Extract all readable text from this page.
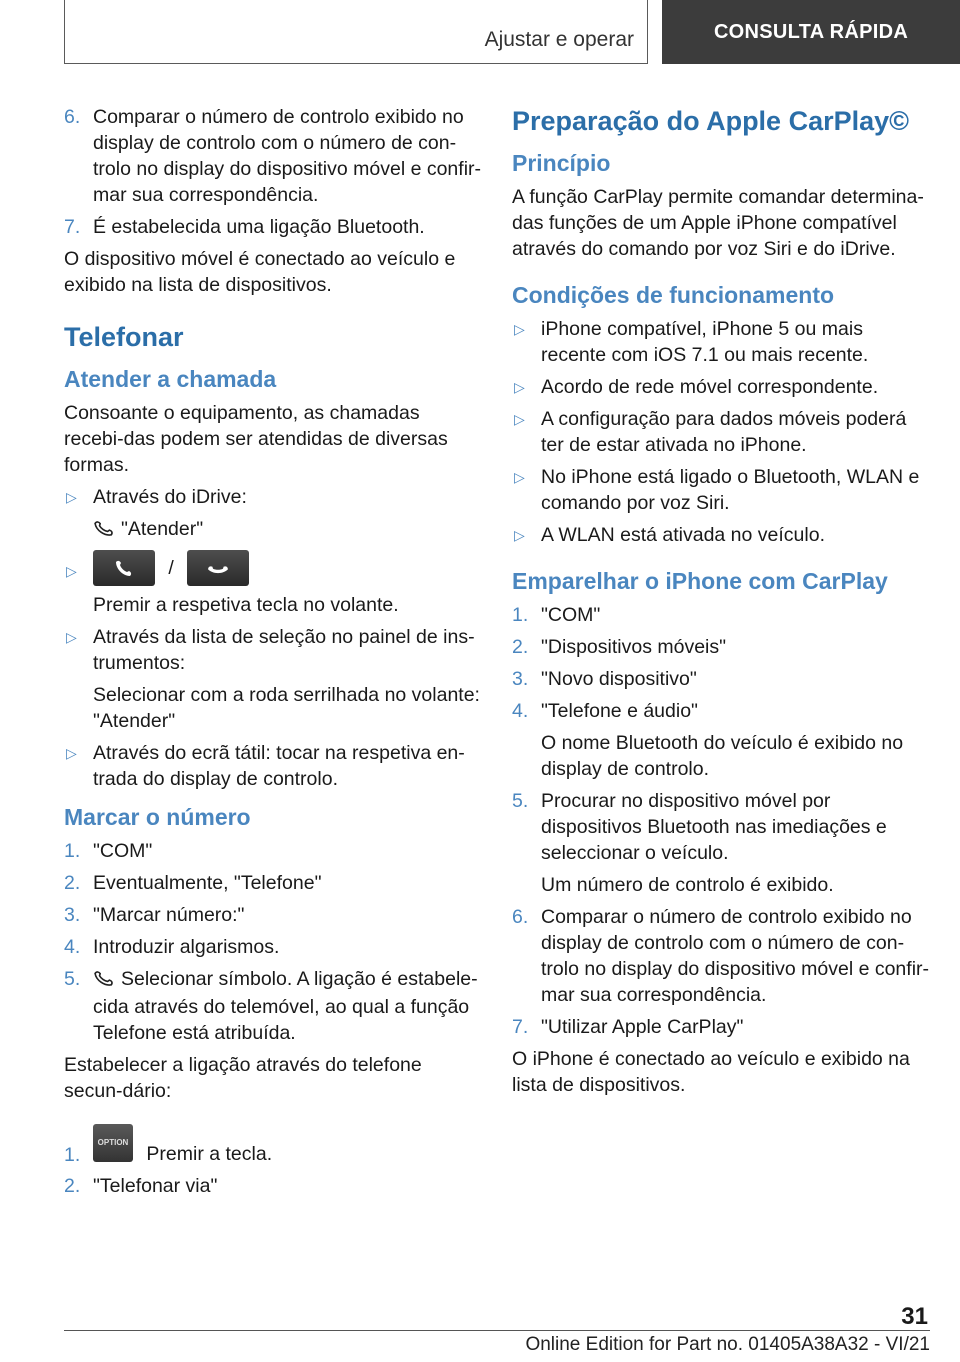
Ajustar e operar	CONSULTA RÁPIDA
6. Comparar o número de controlo exibido no display de controlo com o número de con-trolo no display do dispositivo móvel e confir-mar sua correspondência.
7. É estabelecida uma ligação Bluetooth.

O dispositivo móvel é conectado ao veículo e exibido na lista de dispositivos.

Telefonar
Atender a chamada

Consoante o equipamento, as chamadas recebi-das podem ser atendidas de diversas formas.

▷ Através do iDrive:
"Atender"
▷	/
Premir a respetiva tecla no volante.
▷ Através da lista de seleção no painel de ins-trumentos:
Selecionar com a roda serrilhada no volante: "Atender"
▷ Através do ecrã tátil: tocar na respetiva en-trada do display de controlo.
Marcar o número
1. "COM"
2. Eventualmente, "Telefone"
3. "Marcar número:"
4. Introduzir algarismos.
5. Selecionar símbolo. A ligação é estabele-cida através do telemóvel, ao qual a função Telefone está atribuída.

Estabelecer a ligação através do telefone secun-dário:

1.
OPTION Premir a tecla.
2. "Telefonar via"
Preparação do Apple CarPlay©
Princípio

A função CarPlay permite comandar determina-das funções de um Apple iPhone compatível através do comando por voz Siri e do iDrive.

Condições de funcionamento
▷ iPhone compatível, iPhone 5 ou mais recente com iOS 7.1 ou mais recente.
▷ Acordo de rede móvel correspondente.
▷ A configuração para dados móveis poderá ter de estar ativada no iPhone.
▷ No iPhone está ligado o Bluetooth, WLAN e comando por voz Siri.
▷ A WLAN está ativada no veículo.
Emparelhar o iPhone com CarPlay
1. "COM"
2. "Dispositivos móveis"
3. "Novo dispositivo"
4. "Telefone e áudio"
O nome Bluetooth do veículo é exibido no display de controlo.
5. Procurar no dispositivo móvel por dispositivos Bluetooth nas imediações e seleccionar o veículo.
Um número de controlo é exibido.
6. Comparar o número de controlo exibido no display de controlo com o número de con-trolo no display do dispositivo móvel e confir-mar sua correspondência.
7. "Utilizar Apple CarPlay"

O iPhone é conectado ao veículo e exibido na lista de dispositivos.

31
Online Edition for Part no. 01405A38A32 - VI/21
